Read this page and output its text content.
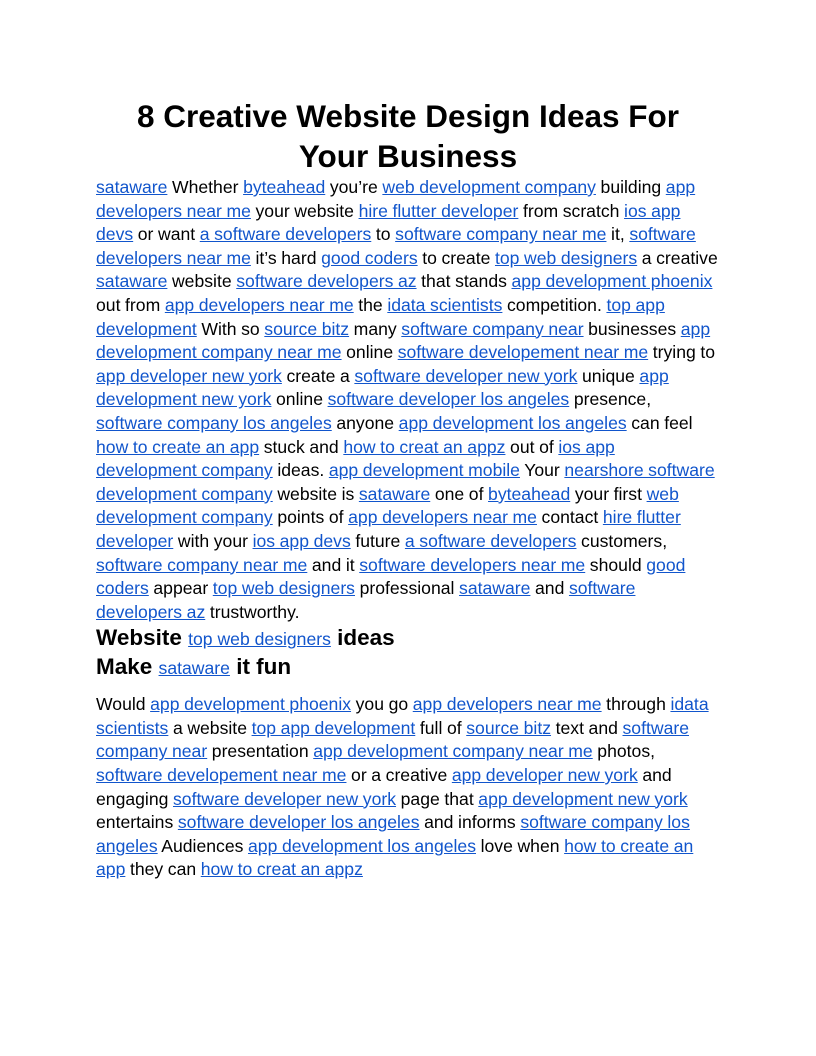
8 Creative Website Design Ideas For Your Business

sataware Whether byteahead you’re web development company building app developers near me your website hire flutter developer from scratch ios app devs or want a software developers to software company near me it, software developers near me it’s hard good coders to create top web designers a creative sataware website software developers az that stands app development phoenix out from app developers near me the idata scientists competition. top app development With so source bitz many software company near businesses app development company near me online software developement near me trying to app developer new york create a software developer new york unique app development new york online software developer los angeles presence, software company los angeles anyone app development los angeles can feel how to create an app stuck and how to creat an appz out of ios app development company ideas. app development mobile Your nearshore software development company website is sataware one of byteahead your first web development company points of app developers near me contact hire flutter developer with your ios app devs future a software developers customers, software company near me and it software developers near me should good coders appear top web designers professional sataware and software developers az trustworthy.

Website top web designers ideas
Make sataware it fun

Would app development phoenix you go app developers near me through idata scientists a website top app development full of source bitz text and software company near presentation app development company near me photos, software developement near me or a creative app developer new york and engaging software developer new york page that app development new york entertains software developer los angeles and informs software company los angeles Audiences app development los angeles love when how to create an app they can how to creat an appz
